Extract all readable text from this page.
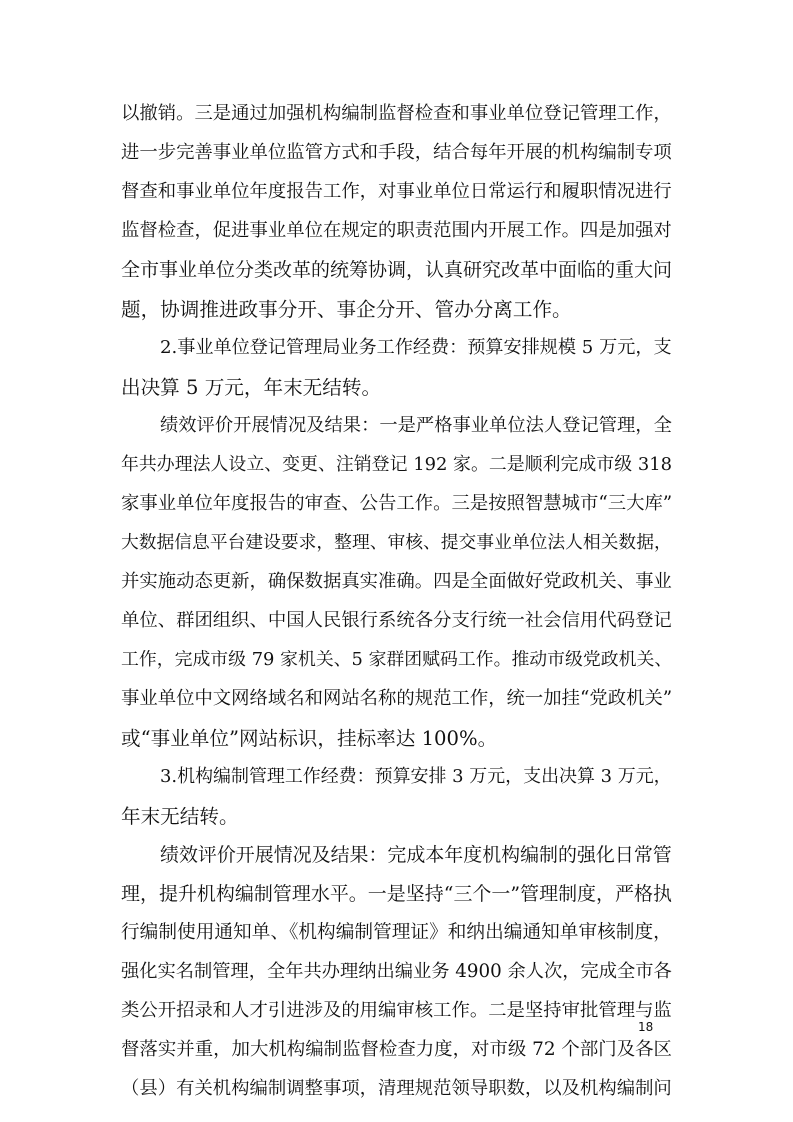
以撤销。三是通过加强机构编制监督检查和事业单位登记管理工作，
进一步完善事业单位监管方式和手段，结合每年开展的机构编制专项
督查和事业单位年度报告工作，对事业单位日常运行和履职情况进行
监督检查，促进事业单位在规定的职责范围内开展工作。四是加强对
全市事业单位分类改革的统筹协调，认真研究改革中面临的重大问
题，协调推进政事分开、事企分开、管办分离工作。
2.事业单位登记管理局业务工作经费：预算安排规模 5 万元，支
出决算 5 万元，年末无结转。
绩效评价开展情况及结果：一是严格事业单位法人登记管理，全
年共办理法人设立、变更、注销登记 192 家。二是顺利完成市级 318
家事业单位年度报告的审查、公告工作。三是按照智慧城市“三大库”
大数据信息平台建设要求，整理、审核、提交事业单位法人相关数据，
并实施动态更新，确保数据真实准确。四是全面做好党政机关、事业
单位、群团组织、中国人民银行系统各分支行统一社会信用代码登记
工作，完成市级 79 家机关、5 家群团赋码工作。推动市级党政机关、
事业单位中文网络域名和网站名称的规范工作，统一加挂“党政机关”
或“事业单位”网站标识，挂标率达 100%。
3.机构编制管理工作经费：预算安排 3 万元，支出决算 3 万元，
年末无结转。
绩效评价开展情况及结果：完成本年度机构编制的强化日常管
理，提升机构编制管理水平。一是坚持“三个一”管理制度，严格执
行编制使用通知单、《机构编制管理证》和纳出编通知单审核制度，
强化实名制管理，全年共办理纳出编业务 4900 余人次，完成全市各
类公开招录和人才引进涉及的用编审核工作。二是坚持审批管理与监
督落实并重，加大机构编制监督检查力度，对市级 72 个部门及各区
（县）有关机构编制调整事项，清理规范领导职数，以及机构编制问
18
